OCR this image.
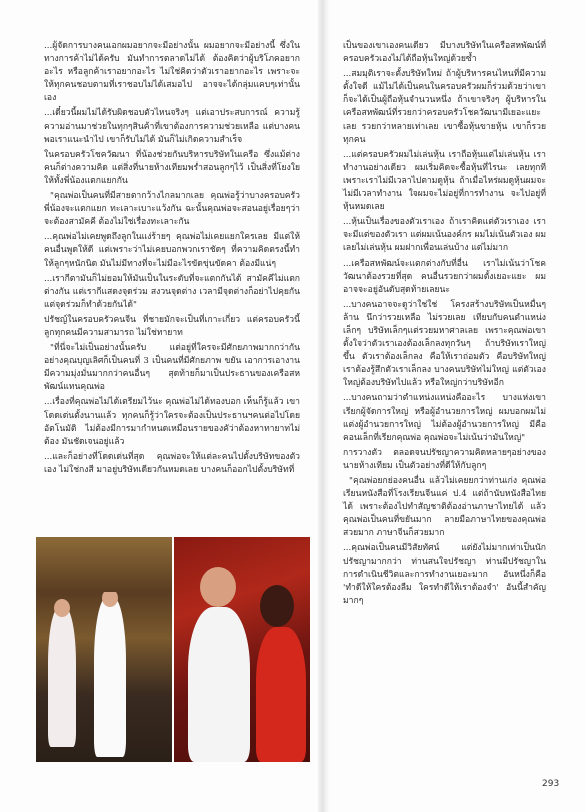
...ผู้จัดการบางคนเอกผมอยากจะมีอย่างนั้น ผมอยากจะมีอย่างนี้ ซึ่งในทางการค้าไม่ได้ครับ มันทำการตลาดไม่ได้ ต้องคิดว่าผู้บริโภคอยากอะไร หรือลูกค้าเราอยากอะไร ไม่ใช่คิดว่าตัวเราอยากอะไร เพราะจะให้ทุกคนชอบตามที่เราชอบไม่ได้เสมอไป อาจจะได้กลุ่มแคบๆเท่านั้นเอง

...เดี๋ยวนี้ผมไม่ได้รับผิดชอบตัวไหนจริงๆ แต่เอาประสบการณ์ ความรู้ความอ่านมาช่วยในทุกๆสินค้าที่เขาต้องการความช่วยเหลือ แต่บางคนพอเราแนะนำไป เขาก็รับไม่ได้ มันก็ไม่เกิดความสำเร็จ

ในครอบครัวโชควัฒนา ที่น้องช่วยกันบริหารบริษัทในเครือ ซึ่งแม้ต่างคนก็ต่างความคิด แต่สิ่งที่นายห้างเทียมพร่ำสอนลูกๆไว้ เป็นสิ่งที่โยงใยให้ทั้งพี่น้องแตกแยกกัน

"คุณพ่อเป็นคนที่มีสายตากว้างไกลมากเลย คุณพ่อรู้ว่าบางครอบครัวพี่น้องจะแตกแยก ทะเลาะเบาะแว้งกัน ฉะนั้นคุณพ่อจะสอนอยู่เรื่อยๆว่าจะต้องสามัคคี ต้องไม่ใช่เรื่องทะเลาะกัน

...คุณพ่อไม่เคยพูดถึงลูกในแง่ร้ายๆ คุณพ่อไม่เคยแยกใครเลย มีแต่ให้คนอื่นพูดให้ดี แต่เพราะว่าไม่เคยบอกพวกเราชัดๆ ที่ความคิดตรงนี้ทำให้ลูกๆหนักนิด มันไม่มีทางที่จะไม่มีอะไรขัดขุ่นขัดคา ต้องมีแน่ๆ

...เรากีตามันก็ไม่ยอมให้มันเป็นในระดับที่จะแตกกันได้ สามัคคีไม่แตกต่างกัน แต่เรากีแสดงจุดร่วม สงวนจุดต่าง เวลามีจุดต่างก็อย่าไปคุยกัน แต่จุดร่วมก็ทำด้วยกันได้"

ปรัชญ์ในครอบครัวคนจีน ที่ชายมักจะเป็นที่เกาะเกี่ยว แต่ครอบครัวนี้ลูกทุกคนมีความสามารถ ไม่ใช่ทายาท

"ที่นี่จะไม่เป็นอย่างนั้นครับ แต่อยู่ที่ใครจะมีศักยภาพมากกว่ากัน อย่างคุณบุญเลิศก็เป็นคนที่ 3 เป็นคนที่มีศักยภาพ ขยัน เอาการเอางาน มีความมุ่งมั่นมากกว่าคนอื่นๆ สุดท้ายก็มาเป็นประธานของเครือสหพัฒน์แทนคุณพ่อ

...เรื่องที่คุณพ่อไม่ได้เตรียมไว้นะ คุณพ่อไม่ได้ทองบอก เห็นก็รู้แล้ว เขาโดดเด่นตั้งนานแล้ว ทุกคนก็รู้ว่าใครจะต้องเป็นประธานฯคนต่อไปโดยอัตโนมัติ ไม่ต้องมีการมากำหนดเหมือนรายของคัว่าต้องหาทายาทไม่ต้อง มันชัดเจนอยู่แล้ว

...และก็อย่างที่โดดเด่นที่สุด คุณพ่อจะให้แต่ละคนไปตั้งบริษัทของตัวเอง ไม่ใช่กงสี มาอยู่บริษัทเดียวกันหมดเลย บางคนก็ออกไปตั้งบริษัทที่

เป็นของเขาเองคนเดียว มีบางบริษัทในเครือสหพัฒน์ที่ครอบครัวเองไม่ได้ถือหุ้นใหญ่ด้วยซ้ำ

...สมมุติเราจะตั้งบริษัทใหม่ ถ้าผู้บริหารคนไหนที่มีความตั้งใจดี แม้ไม่ได้เป็นคนในครอบครัวผมก็ร่วมด้วยว่าเขาก็จะได้เป็นผู้ถือหุ้นจำนวนหนึ่ง ถ้าเขาจริงๆ ผู้บริหารในเครือสหพัฒน์ที่รวยกว่าครอบครัวโชควัฒนามีเยอะแยะเลย รวยกว่าหลายเท่าเลย เขาซื้อหุ้นขายหุ้น เขาก็รวยทุกคน

...แต่ครอบครัวผมไม่เล่นหุ้น เราถือหุ้นแต่ไม่เล่นหุ้น เราทำงานอย่างเดียว ผมเริ่มคิดจะซื้อหุ้นที่ไรนะ เลยทุกที เพราะเราไม่มีเวลาไปตามดูหุ้น ถ้าเมื่อไหร่ผมดูหุ้นผมจะไม่มีเวลาทำงาน ใจผมจะไม่อยู่ที่การทำงาน จะไปอยู่ที่หุ้นหมดเลย

...หุ้นเป็นเรื่องของตัวเราเอง ถ้าเราคิดแต่ตัวเราเอง เราจะมีแต่ของตัวเรา แต่ผมเน้นองค์กร ผมไม่เน้นตัวเอง ผมเลยไม่เล่นหุ้น ผมฝากเพื่อนเล่นบ้าง แต่ไม่มาก

...เครือสหพัฒน์จะแตกต่างกับที่อื่น เราไม่เน้นว่าโชควัฒนาต้องรวยที่สุด คนอื่นรวยกว่าผมตั้งเยอะแยะ ผมอาจจะอยู่อันดับสุดท้ายเลยนะ

...บางคนอาจจะดูว่าใช่ใช่ โครงสร้างบริษัทเป็นหมื่นๆล้าน นึกว่ารวยเหลือ ไม่รวยเลย เทียบกับคนตำแหน่งเล็กๆ บริษัทเล็กๆแต่รวยมหาศาลเลย เพราะคุณพ่อเขาตั้งใจว่าตัวเราเองต้องเล็กลงทุกวันๆ ถ้าบริษัทเราใหญ่ขึ้น ตัวเราต้องเล็กลง คือให้เราถ่อมตัว คือบริษัทใหญ่ เราต้องรู้สึกตัวเราเล็กลง บางคนบริษัทไม่ใหญ่ แต่ตัวเองใหญ่ต้องบริษัทไปแล้ว หรือใหญ่กว่าบริษัทอีก

...บางคนถามว่าตำแหน่งแหน่งคืออะไร บางแห่งเขาเรียกผู้จัดการใหญ่ หรือผู้อำนวยการใหญ่ ผมบอกผมไม่แต่งผู้อำนวยการใหญ่ ไม่ต้องผู้อำนวยการใหญ่ มีคือคอนเล็กที่เรียกคุณพ่อ คุณพ่อจะไม่เน้นว่ามันใหญ่"

การวางตัว ตลอดจนปรัชญาความคิดหลายๆอย่างของนายห้างเทียม เป็นตัวอย่างที่ดีให้กับลูกๆ

"คุณพ่อยกย่องคนอื่น แล้วไม่เคยยกว่าท่านเก่ง คุณพ่อเรียนหนังสือที่โรงเรียนจีนแค่ ป.4 แต่ถ้านับหนังสือไทยได้ เพราะต้องไปทำสัญชาติต้องอ่านภาษาไทยได้ แล้วคุณพ่อเป็นคนที่ขยันมาก ลายมือภาษาไทยของคุณพ่อสวยมาก ภาษาจีนก็สวยมาก

...คุณพ่อเป็นคนมีวิสัยทัศน์ แต่ยังไม่มากเท่าเป็นนักปรัชญามากกว่า ท่านสนใจปรัชญา ท่านมีปรัชญาในการดำเนินชีวิตและการทำงานเยอะมาก อันหนึ่งก็คือ 'ทำดีให้ใครต้องลืม ใครทำดีให้เราต้องจำ' อันนี้สำคัญมากๆ

293
